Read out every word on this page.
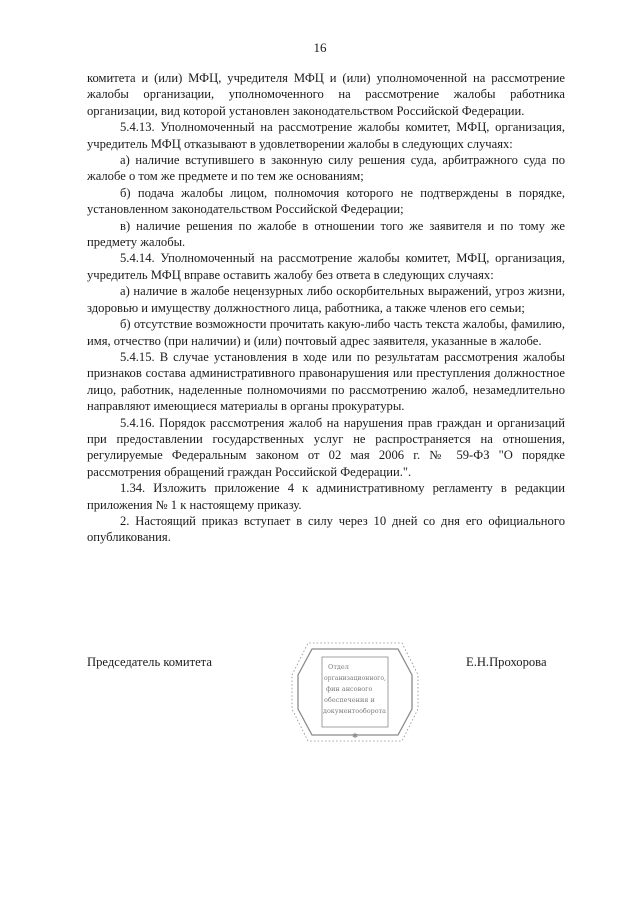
16

комитета и (или) МФЦ, учредителя МФЦ и (или) уполномоченной на рассмотрение жалобы организации, уполномоченного на рассмотрение жалобы работника организации, вид которой установлен законодательством Российской Федерации.

5.4.13. Уполномоченный на рассмотрение жалобы комитет, МФЦ, организация, учредитель МФЦ отказывают в удовлетворении жалобы в следующих случаях:

а) наличие вступившего в законную силу решения суда, арбитражного суда по жалобе о том же предмете и по тем же основаниям;

б) подача жалобы лицом, полномочия которого не подтверждены в порядке, установленном законодательством Российской Федерации;

в) наличие решения по жалобе в отношении того же заявителя и по тому же предмету жалобы.

5.4.14. Уполномоченный на рассмотрение жалобы комитет, МФЦ, организация, учредитель МФЦ вправе оставить жалобу без ответа в следующих случаях:

а) наличие в жалобе нецензурных либо оскорбительных выражений, угроз жизни, здоровью и имуществу должностного лица, работника, а также членов его семьи;

б) отсутствие возможности прочитать какую-либо часть текста жалобы, фамилию, имя, отчество (при наличии) и (или) почтовый адрес заявителя, указанные в жалобе.

5.4.15. В случае установления в ходе или по результатам рассмотрения жалобы признаков состава административного правонарушения или преступления должностное лицо, работник, наделенные полномочиями по рассмотрению жалоб, незамедлительно направляют имеющиеся материалы в органы прокуратуры.

5.4.16. Порядок рассмотрения жалоб на нарушения прав граждан и организаций при предоставлении государственных услуг не распространяется на отношения, регулируемые Федеральным законом от 02 мая 2006 г. № 59-ФЗ "О порядке рассмотрения обращений граждан Российской Федерации.".

1.34. Изложить приложение 4 к административному регламенту в редакции приложения № 1 к настоящему приказу.

2. Настоящий приказ вступает в силу через 10 дней со дня его официального опубликования.

Председатель комитета	Отдел
организационного,
фин ансового
обеспечения и
документооборота
✱
Е.Н.Прохорова
